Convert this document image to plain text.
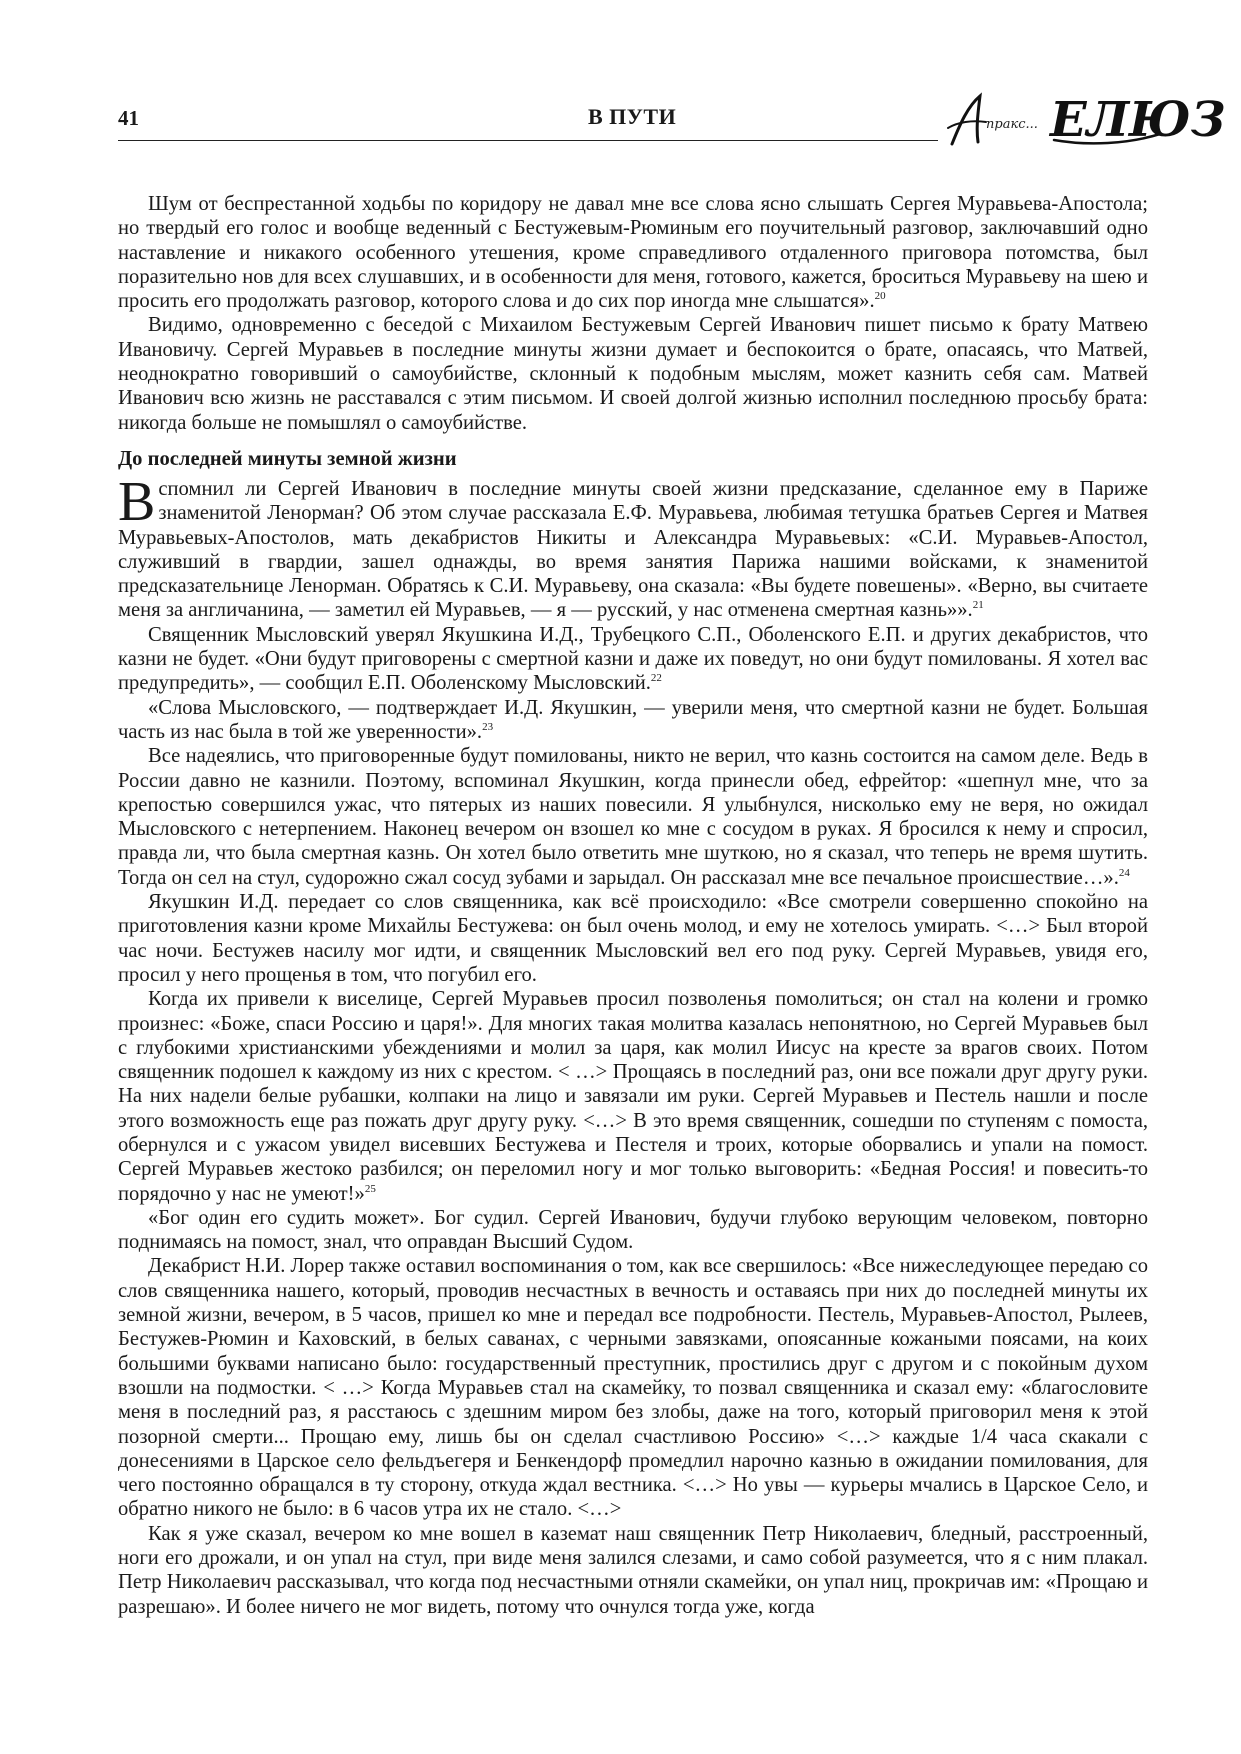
41	В ПУТИ	пракс... ЕЛЮЗ

Шум от беспрестанной ходьбы по коридору не давал мне все слова ясно слышать Сергея Муравьева-Апостола; но твердый его голос и вообще веденный с Бестужевым-Рюминым его поучительный разговор, заключавший одно наставление и никакого особенного утешения, кроме справедливого отдаленного приговора потомства, был поразительно нов для всех слушавших, и в особенности для меня, готового, кажется, броситься Муравьеву на шею и просить его продолжать разговор, которого слова и до сих пор иногда мне слышатся».$^{20}$

Видимо, одновременно с беседой с Михаилом Бестужевым Сергей Иванович пишет письмо к брату Матвею Ивановичу. Сергей Муравьев в последние минуты жизни думает и беспокоится о брате, опасаясь, что Матвей, неоднократно говоривший о самоубийстве, склонный к подобным мыслям, может казнить себя сам. Матвей Иванович всю жизнь не расставался с этим письмом. И своей долгой жизнью исполнил последнюю просьбу брата: никогда больше не помышлял о самоубийстве.

До последней минуты земной жизни

Вспомнил ли Сергей Иванович в последние минуты своей жизни предсказание, сделанное ему в Париже знаменитой Ленорман? Об этом случае рассказала Е.Ф. Муравьева, любимая тетушка братьев Сергея и Матвея Муравьевых-Апостолов, мать декабристов Никиты и Александра Муравьевых: «С.И. Муравьев-Апостол, служивший в гвардии, зашел однажды, во время занятия Парижа нашими войсками, к знаменитой предсказательнице Ленорман. Обратясь к С.И. Муравьеву, она сказала: «Вы будете повешены». «Верно, вы считаете меня за англичанина, — заметил ей Муравьев, — я — русский, у нас отменена смертная казнь»».$^{21}$

Священник Мысловский уверял Якушкина И.Д., Трубецкого С.П., Оболенского Е.П. и других декабристов, что казни не будет. «Они будут приговорены с смертной казни и даже их поведут, но они будут помилованы. Я хотел вас предупредить», — сообщил Е.П. Оболенскому Мысловский.$^{22}$

«Слова Мысловского, — подтверждает И.Д. Якушкин, — уверили меня, что смертной казни не будет. Большая часть из нас была в той же уверенности».$^{23}$

Все надеялись, что приговоренные будут помилованы, никто не верил, что казнь состоится на самом деле. Ведь в России давно не казнили. Поэтому, вспоминал Якушкин, когда принесли обед, ефрейтор: «шепнул мне, что за крепостью совершился ужас, что пятерых из наших повесили. Я улыбнулся, нисколько ему не веря, но ожидал Мысловского с нетерпением. Наконец вечером он взошел ко мне с сосудом в руках. Я бросился к нему и спросил, правда ли, что была смертная казнь. Он хотел было ответить мне шуткою, но я сказал, что теперь не время шутить. Тогда он сел на стул, судорожно сжал сосуд зубами и зарыдал. Он рассказал мне все печальное происшествие…».$^{24}$

Якушкин И.Д. передает со слов священника, как всё происходило: «Все смотрели совершенно спокойно на приготовления казни кроме Михайлы Бестужева: он был очень молод, и ему не хотелось умирать. <…> Был второй час ночи. Бестужев насилу мог идти, и священник Мысловский вел его под руку. Сергей Муравьев, увидя его, просил у него прощенья в том, что погубил его.

Когда их привели к виселице, Сергей Муравьев просил позволенья помолиться; он стал на колени и громко произнес: «Боже, спаси Россию и царя!». Для многих такая молитва казалась непонятною, но Сергей Муравьев был с глубокими христианскими убеждениями и молил за царя, как молил Иисус на кресте за врагов своих. Потом священник подошел к каждому из них с крестом. < …> Прощаясь в последний раз, они все пожали друг другу руки. На них надели белые рубашки, колпаки на лицо и завязали им руки. Сергей Муравьев и Пестель нашли и после этого возможность еще раз пожать друг другу руку. <…> В это время священник, сошедши по ступеням с помоста, обернулся и с ужасом увидел висевших Бестужева и Пестеля и троих, которые оборвались и упали на помост. Сергей Муравьев жестоко разбился; он переломил ногу и мог только выговорить: «Бедная Россия! и повесить-то порядочно у нас не умеют!»$^{25}$

«Бог один его судить может». Бог судил. Сергей Иванович, будучи глубоко верующим человеком, повторно поднимаясь на помост, знал, что оправдан Высший Судом.

Декабрист Н.И. Лорер также оставил воспоминания о том, как все свершилось: «Все нижеследующее передаю со слов священника нашего, который, проводив несчастных в вечность и оставаясь при них до последней минуты их земной жизни, вечером, в 5 часов, пришел ко мне и передал все подробности. Пестель, Муравьев-Апостол, Рылеев, Бестужев-Рюмин и Каховский, в белых саванах, с черными завязками, опоясанные кожаными поясами, на коих большими буквами написано было: государственный преступник, простились друг с другом и с покойным духом взошли на подмостки. < …> Когда Муравьев стал на скамейку, то позвал священника и сказал ему: «благословите меня в последний раз, я расстаюсь с здешним миром без злобы, даже на того, который приговорил меня к этой позорной смерти... Прощаю ему, лишь бы он сделал счастливою Россию» <…> каждые 1/4 часа скакали с донесениями в Царское село фельдъегеря и Бенкендорф промедлил нарочно казнью в ожидании помилования, для чего постоянно обращался в ту сторону, откуда ждал вестника. <…> Но увы — курьеры мчались в Царское Село, и обратно никого не было: в 6 часов утра их не стало. <…>

Как я уже сказал, вечером ко мне вошел в каземат наш священник Петр Николаевич, бледный, расстроенный, ноги его дрожали, и он упал на стул, при виде меня залился слезами, и само собой разумеется, что я с ним плакал. Петр Николаевич рассказывал, что когда под несчастными отняли скамейки, он упал ниц, прокричав им: «Прощаю и разрешаю». И более ничего не мог видеть, потому что очнулся тогда уже, когда
